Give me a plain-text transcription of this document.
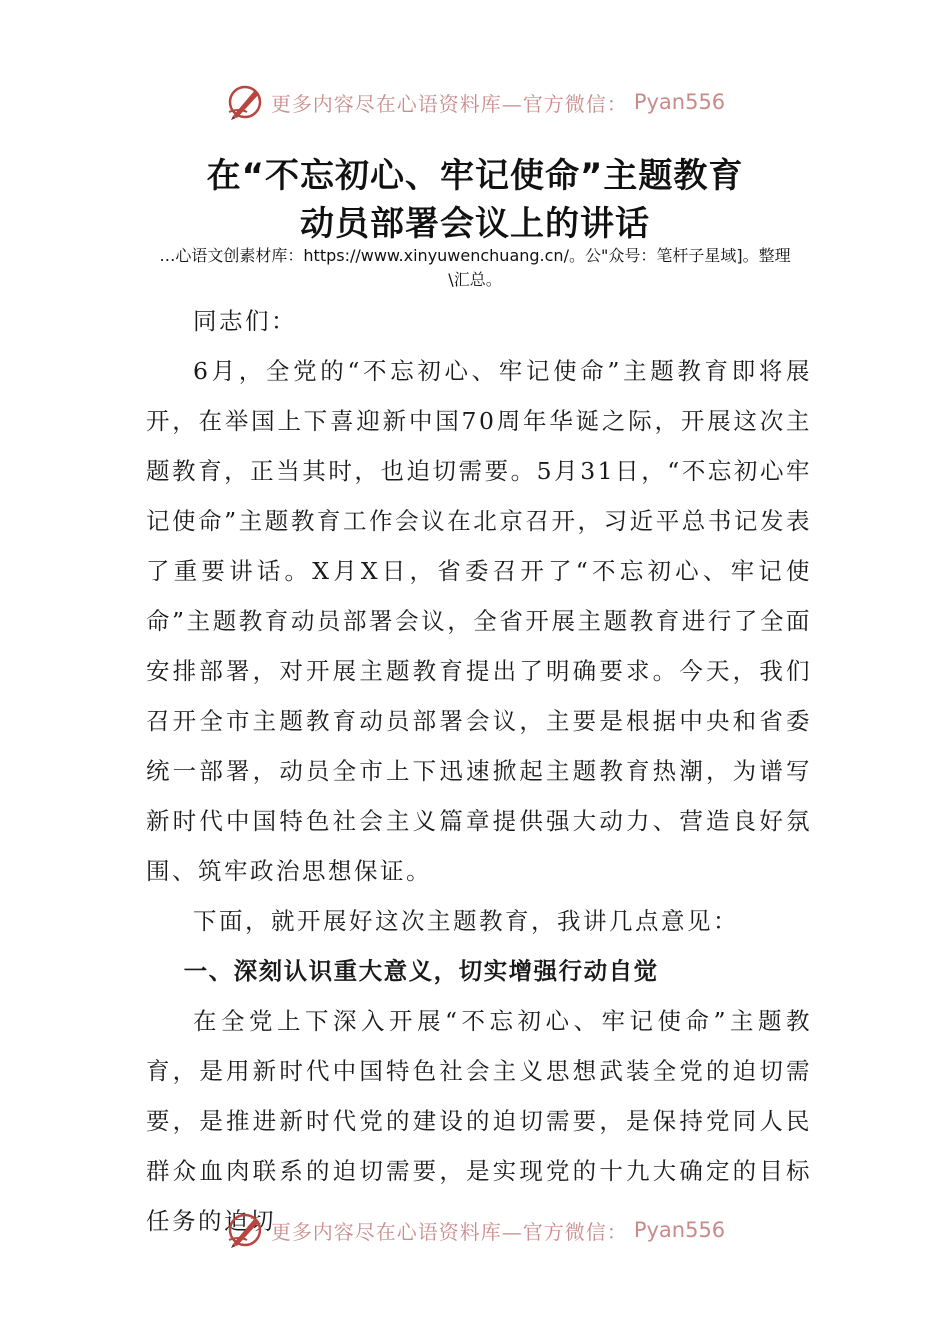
更多内容尽在心语资料库—官方微信： Pyan556
在“不忘初心、牢记使命”主题教育
动员部署会议上的讲话
…心语文创素材库：https://www.xinyuwenchuang.cn/。公"众号：笔杆子星域]。整理\汇总。

同志们：

6月，全党的“不忘初心、牢记使命”主题教育即将展开，在举国上下喜迎新中国70周年华诞之际，开展这次主题教育，正当其时，也迫切需要。5月31日，“不忘初心牢记使命”主题教育工作会议在北京召开，习近平总书记发表了重要讲话。X月X日，省委召开了“不忘初心、牢记使命”主题教育动员部署会议，全省开展主题教育进行了全面安排部署，对开展主题教育提出了明确要求。今天，我们召开全市主题教育动员部署会议，主要是根据中央和省委统一部署，动员全市上下迅速掀起主题教育热潮，为谱写新时代中国特色社会主义篇章提供强大动力、营造良好氛围、筑牢政治思想保证。

下面，就开展好这次主题教育，我讲几点意见：

一、深刻认识重大意义，切实增强行动自觉

在全党上下深入开展“不忘初心、牢记使命”主题教育，是用新时代中国特色社会主义思想武装全党的迫切需要，是推进新时代党的建设的迫切需要，是保持党同人民群众血肉联系的迫切需要，是实现党的十九大确定的目标任务的迫切

更多内容尽在心语资料库—官方微信： Pyan556
